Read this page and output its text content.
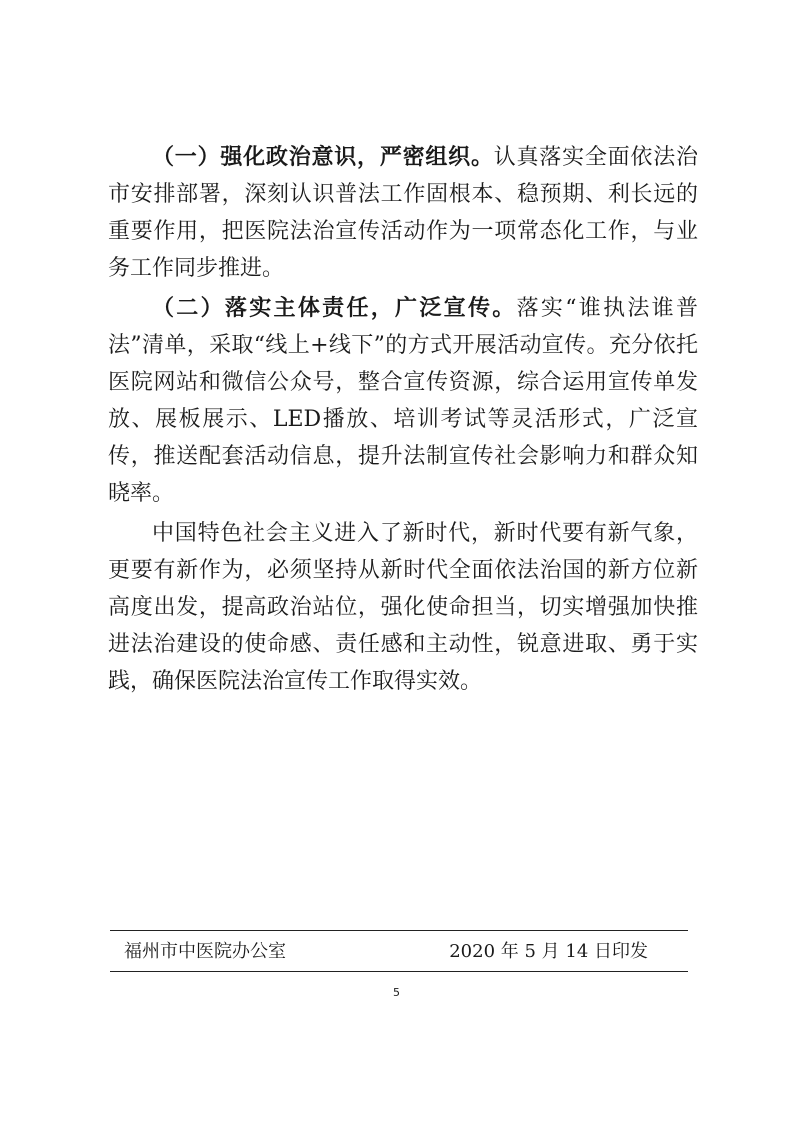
（一）强化政治意识，严密组织。认真落实全面依法治市安排部署，深刻认识普法工作固根本、稳预期、利长远的重要作用，把医院法治宣传活动作为一项常态化工作，与业务工作同步推进。

（二）落实主体责任，广泛宣传。落实“谁执法谁普法”清单，采取“线上+线下”的方式开展活动宣传。充分依托医院网站和微信公众号，整合宣传资源，综合运用宣传单发放、展板展示、LED播放、培训考试等灵活形式，广泛宣传，推送配套活动信息，提升法制宣传社会影响力和群众知晓率。

中国特色社会主义进入了新时代，新时代要有新气象，更要有新作为，必须坚持从新时代全面依法治国的新方位新高度出发，提高政治站位，强化使命担当，切实增强加快推进法治建设的使命感、责任感和主动性，锐意进取、勇于实践，确保医院法治宣传工作取得实效。

福州市中医院办公室	2020 年 5 月 14 日印发
5
